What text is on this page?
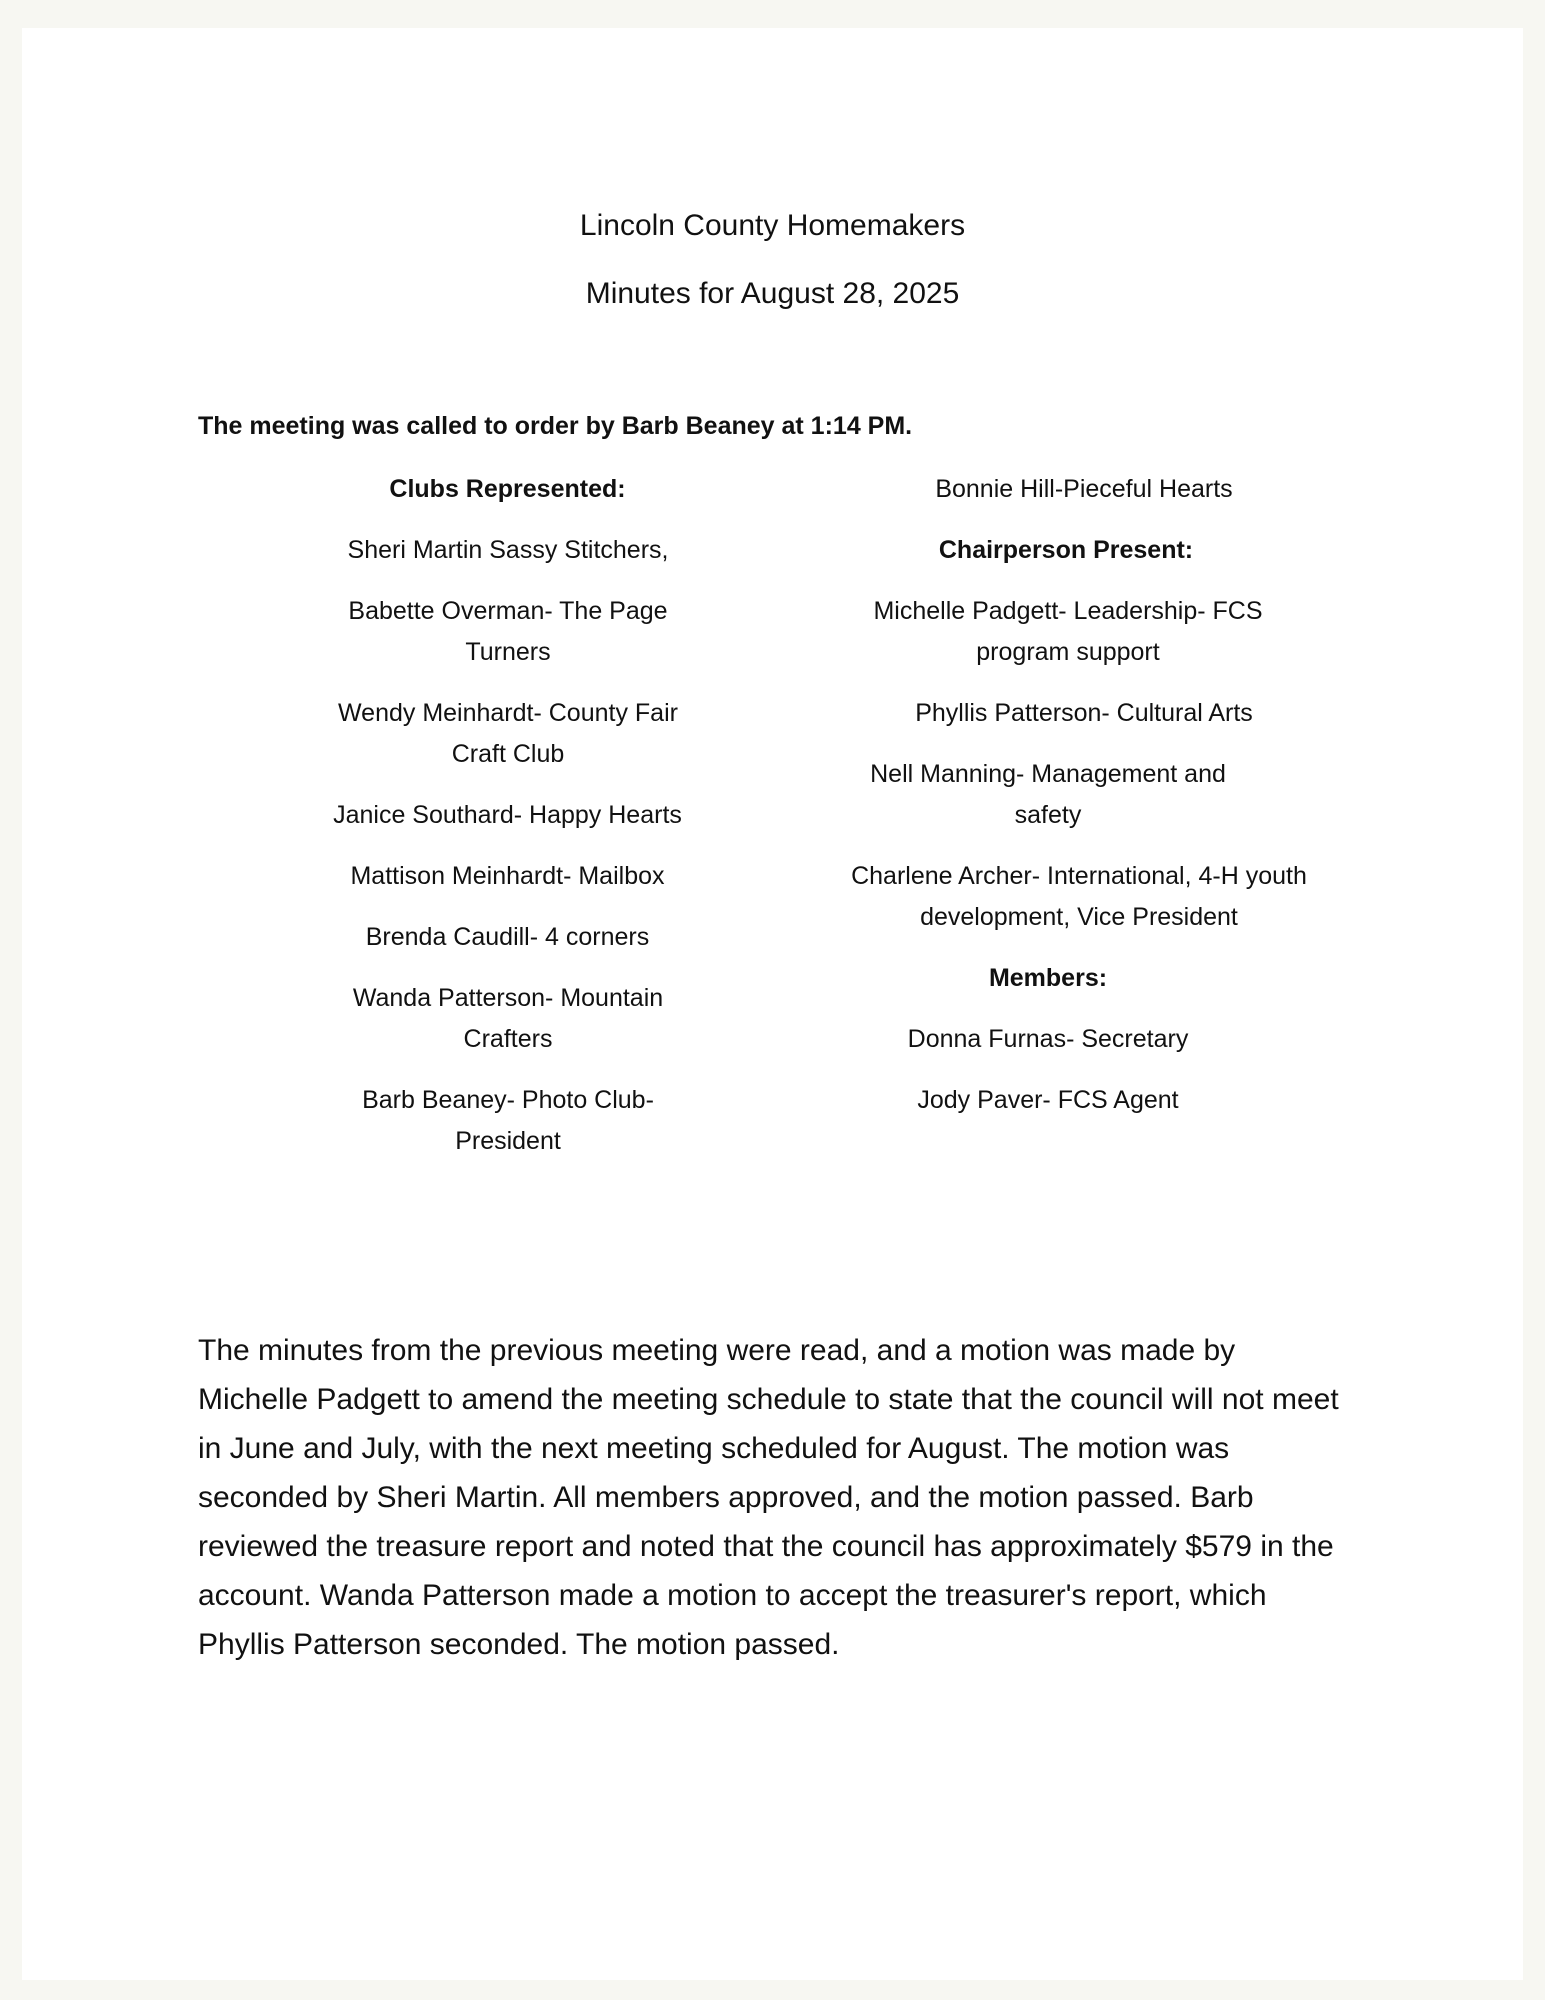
Lincoln County Homemakers
Minutes for August 28, 2025

The meeting was called to order by Barb Beaney at 1:14 PM.

Clubs Represented:

Sheri Martin Sassy Stitchers,

Babette Overman- The Page Turners

Wendy Meinhardt- County Fair Craft Club

Janice Southard- Happy Hearts

Mattison Meinhardt- Mailbox

Brenda Caudill- 4 corners

Wanda Patterson- Mountain Crafters

Barb Beaney- Photo Club- President

Bonnie Hill-Pieceful Hearts

Chairperson Present:

Michelle Padgett- Leadership- FCS program support

Phyllis Patterson- Cultural Arts

Nell Manning- Management and safety

Charlene Archer- International, 4-H youth development, Vice President

Members:

Donna Furnas- Secretary

Jody Paver- FCS Agent

The minutes from the previous meeting were read, and a motion was made by Michelle Padgett to amend the meeting schedule to state that the council will not meet in June and July, with the next meeting scheduled for August. The motion was seconded by Sheri Martin. All members approved, and the motion passed. Barb reviewed the treasure report and noted that the council has approximately $579 in the account. Wanda Patterson made a motion to accept the treasurer's report, which Phyllis Patterson seconded. The motion passed.
